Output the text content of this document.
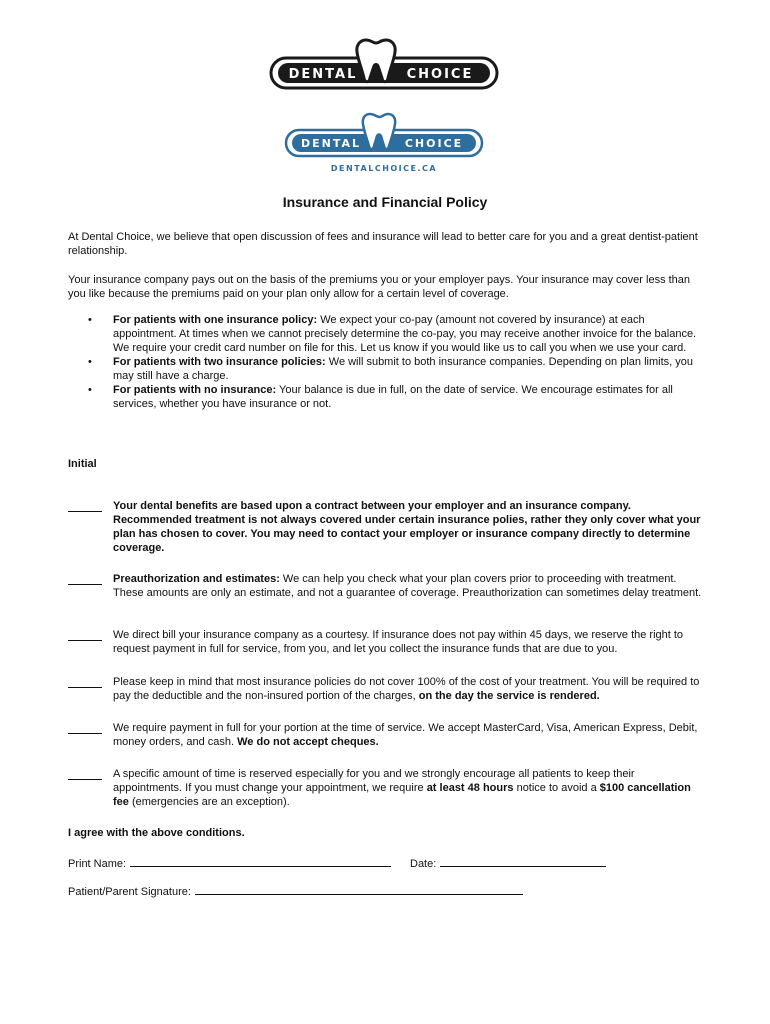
DENTAL	CHOICE
DENTAL	CHOICE
DENTALCHOICE.CA
Insurance and Financial Policy

At Dental Choice, we believe that open discussion of fees and insurance will lead to better care for you and a great dentist-patient relationship.

Your insurance company pays out on the basis of the premiums you or your employer pays. Your insurance may cover less than you like because the premiums paid on your plan only allow for a certain level of coverage.

• For patients with one insurance policy: We expect your co-pay (amount not covered by insurance) at each appointment. At times when we cannot precisely determine the co-pay, you may receive another invoice for the balance. We require your credit card number on file for this. Let us know if you would like us to call you when we use your card.
• For patients with two insurance policies: We will submit to both insurance companies. Depending on plan limits, you may still have a charge.
• For patients with no insurance: Your balance is due in full, on the date of service. We encourage estimates for all services, whether you have insurance or not.
Initial
Your dental benefits are based upon a contract between your employer and an insurance company. Recommended treatment is not always covered under certain insurance polies, rather they only cover what your plan has chosen to cover. You may need to contact your employer or insurance company directly to determine coverage.
Preauthorization and estimates: We can help you check what your plan covers prior to proceeding with treatment. These amounts are only an estimate, and not a guarantee of coverage. Preauthorization can sometimes delay treatment.
We direct bill your insurance company as a courtesy. If insurance does not pay within 45 days, we reserve the right to request payment in full for service, from you, and let you collect the insurance funds that are due to you.
Please keep in mind that most insurance policies do not cover 100% of the cost of your treatment. You will be required to pay the deductible and the non-insured portion of the charges, on the day the service is rendered.
We require payment in full for your portion at the time of service. We accept MasterCard, Visa, American Express, Debit, money orders, and cash. We do not accept cheques.
A specific amount of time is reserved especially for you and we strongly encourage all patients to keep their appointments. If you must change your appointment, we require at least 48 hours notice to avoid a $100 cancellation fee (emergencies are an exception).
I agree with the above conditions.
Print Name:	Date:
Patient/Parent Signature:
